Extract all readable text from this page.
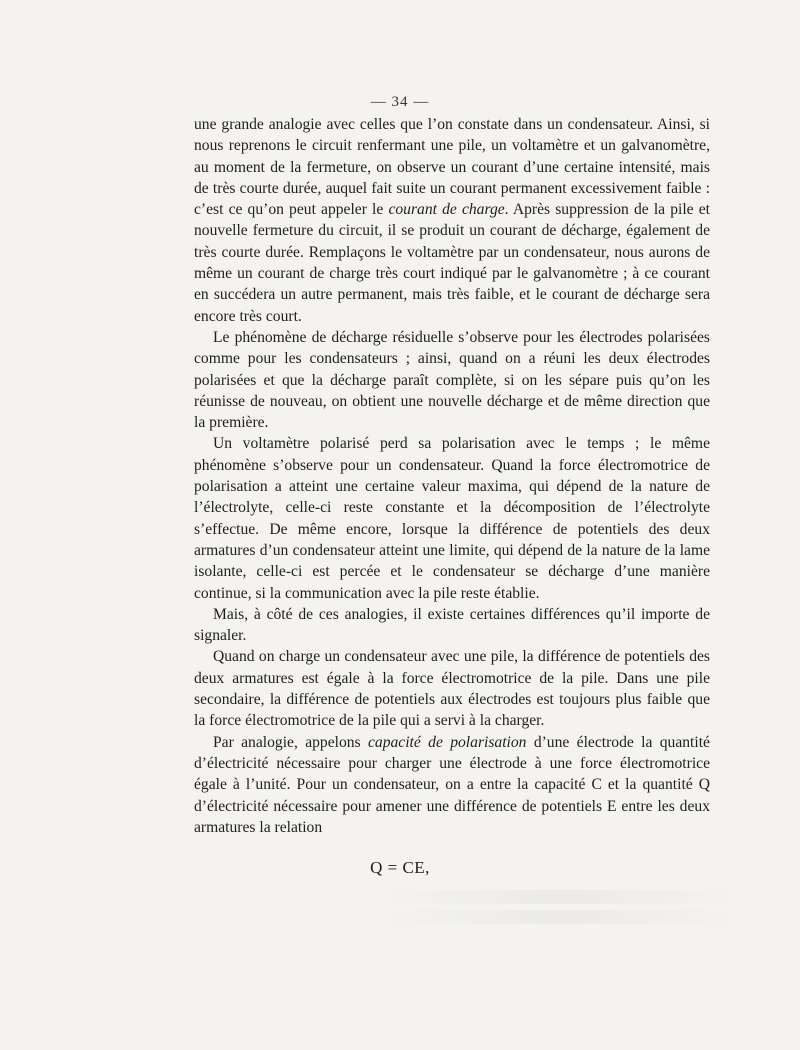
— 34 —

une grande analogie avec celles que l’on constate dans un condensateur. Ainsi, si nous reprenons le circuit renfermant une pile, un voltamètre et un galvanomètre, au moment de la fermeture, on observe un courant d’une certaine intensité, mais de très courte durée, auquel fait suite un courant permanent excessivement faible : c’est ce qu’on peut appeler le courant de charge. Après suppression de la pile et nouvelle fermeture du circuit, il se produit un courant de décharge, également de très courte durée. Remplaçons le voltamètre par un condensateur, nous aurons de même un courant de charge très court indiqué par le galvanomètre ; à ce courant en succédera un autre permanent, mais très faible, et le courant de décharge sera encore très court.

Le phénomène de décharge résiduelle s’observe pour les électrodes polarisées comme pour les condensateurs ; ainsi, quand on a réuni les deux électrodes polarisées et que la décharge paraît complète, si on les sépare puis qu’on les réunisse de nouveau, on obtient une nouvelle décharge et de même direction que la première.

Un voltamètre polarisé perd sa polarisation avec le temps ; le même phénomène s’observe pour un condensateur. Quand la force électromotrice de polarisation a atteint une certaine valeur maxima, qui dépend de la nature de l’électrolyte, celle-ci reste constante et la décomposition de l’électrolyte s’effectue. De même encore, lorsque la différence de potentiels des deux armatures d’un condensateur atteint une limite, qui dépend de la nature de la lame isolante, celle-ci est percée et le condensateur se décharge d’une manière continue, si la communication avec la pile reste établie.

Mais, à côté de ces analogies, il existe certaines différences qu’il importe de signaler.

Quand on charge un condensateur avec une pile, la différence de potentiels des deux armatures est égale à la force électromotrice de la pile. Dans une pile secondaire, la différence de potentiels aux électrodes est toujours plus faible que la force électromotrice de la pile qui a servi à la charger.

Par analogie, appelons capacité de polarisation d’une électrode la quantité d’électricité nécessaire pour charger une électrode à une force électromotrice égale à l’unité. Pour un condensateur, on a entre la capacité C et la quantité Q d’électricité nécessaire pour amener une différence de potentiels E entre les deux armatures la relation

Q = CE,
